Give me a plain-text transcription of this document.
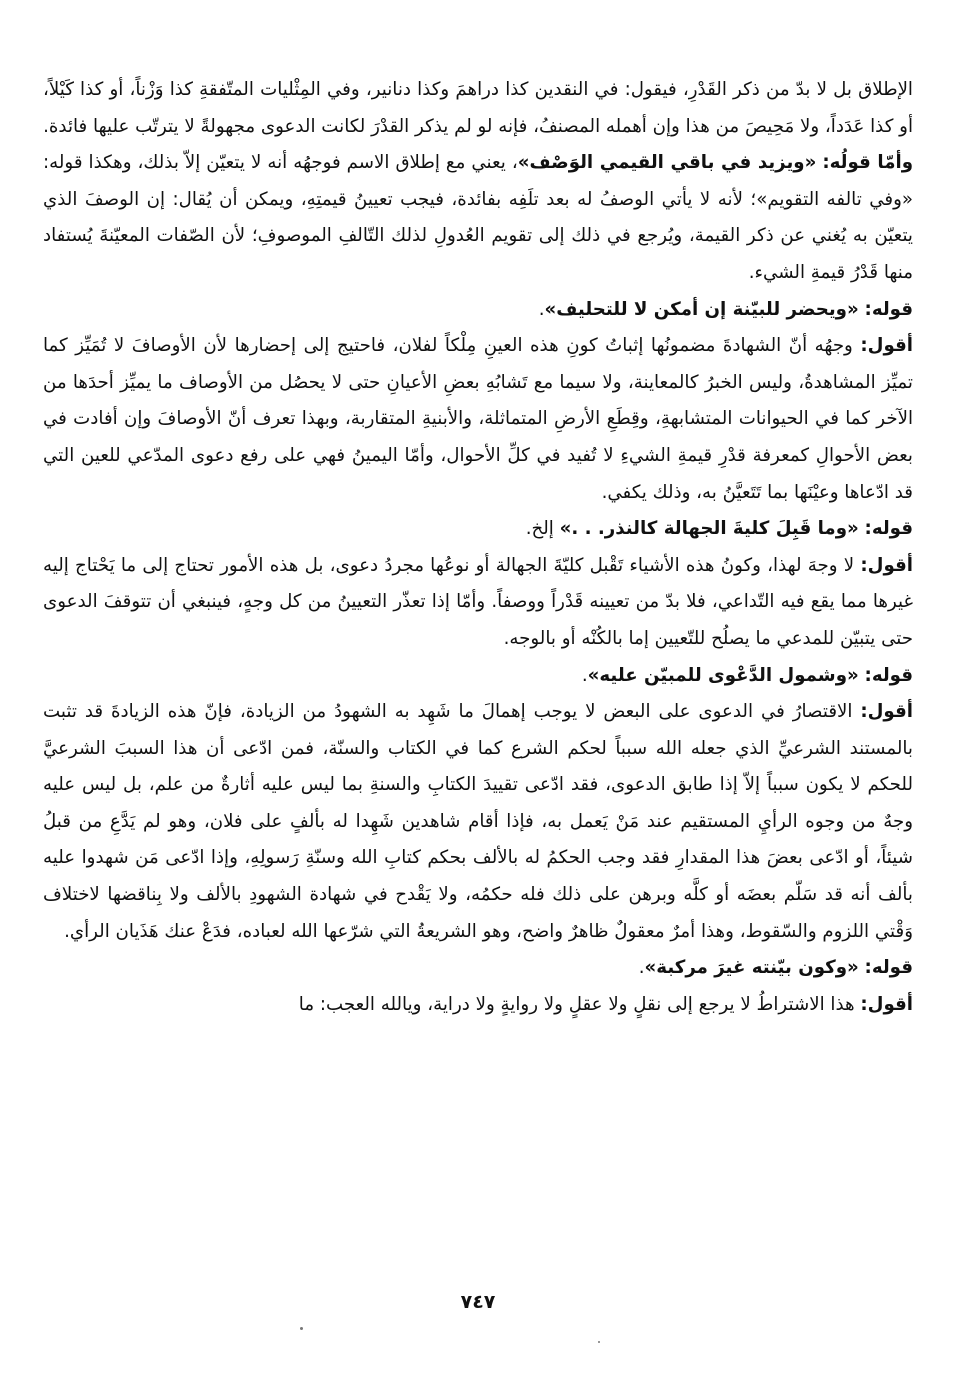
الإطلاق بل لا بدّ من ذكر القَدْرِ، فيقول: في النقدين كذا دراهمَ وكذا دنانير، وفي المِثْليات المتّفقةِ كذا وَزْناً، أو كذا كَيْلاً، أو كذا عَدَداً، ولا مَحِيصَ من هذا وإن أهمله المصنفُ، فإنه لو لم يذكر القدْرَ لكانت الدعوى مجهولةً لا يترتّب عليها فائدة.

وأمّا قولُه: «ويزيد في باقي القيمي الوَصْف»، يعني مع إطلاق الاسم فوجهُه أنه لا يتعيّن إلاّ بذلك، وهكذا قوله: «وفي تالفه التقويم»؛ لأنه لا يأتي الوصفُ له بعد تلَفِه بفائدة، فيجب تعيينُ قيمتِهِ، ويمكن أن يُقال: إن الوصفَ الذي يتعيّن به يُغني عن ذكر القيمة، ويُرجع في ذلك إلى تقويم العُدولِ لذلك التّالفِ الموصوفِ؛ لأن الصّفات المعيّنةَ يُستفاد منها قَدْرُ قيمةِ الشيء.

قوله: «ويحضر للبيّنة إن أمكن لا للتحليف».

أقول: وجهُه أنّ الشهادةَ مضمونُها إثباتُ كونِ هذه العينِ مِلْكاً لفلان، فاحتيج إلى إحضارها لأن الأوصافَ لا تُمَيِّز كما تميِّز المشاهدةُ، وليس الخبرُ كالمعاينة، ولا سيما مع تَشابُهِ بعضِ الأعيانِ حتى لا يحصُل من الأوصاف ما يميِّز أحدَها من الآخر كما في الحيوانات المتشابهةِ، وقِطَعِ الأرضِ المتماثلة، والأبنيةِ المتقاربة، وبهذا تعرف أنّ الأوصافَ وإن أفادت في بعض الأحوالِ كمعرفة قدْرِ قيمةِ الشيءِ لا تُفيد في كلِّ الأحوال، وأمّا اليمينُ فهي على رفع دعوى المدّعي للعين التي قد ادّعاها وعيْنَها بما تَتَعيَّنُ به، وذلك يكفي.

قوله: «وما قَبِلَ كليةَ الجهالة كالنذر. . .» إلخ.

أقول: لا وجهَ لهذا، وكونُ هذه الأشياء تَقْبل كليّةَ الجهالة أو نوعُها مجردُ دعوى، بل هذه الأمور تحتاج إلى ما يَحْتاج إليه غيرها مما يقع فيه التّداعي، فلا بدّ من تعيينه قَدْراً ووصفاً. وأمّا إذا تعذّر التعيينُ من كل وجهٍ، فينبغي أن تتوقفَ الدعوى حتى يتبيّن للمدعي ما يصلُح للتّعيين إما بالكُنْه أو بالوجه.

قوله: «وشمول الدَّعْوى للمبيّن عليه».

أقول: الاقتصارُ في الدعوى على البعض لا يوجب إهمالَ ما شَهِد به الشهودُ من الزيادة، فإنّ هذه الزيادةَ قد تثبت بالمستند الشرعيِّ الذي جعله الله سبباً لحكم الشرع كما في الكتاب والسنّة، فمن ادّعى أن هذا السببَ الشرعيَّ للحكم لا يكون سبباً إلاّ إذا طابق الدعوى، فقد ادّعى تقييدَ الكتابِ والسنةِ بما ليس عليه أثارةٌ من علم، بل ليس عليه وجهٌ من وجوه الرأيِ المستقيم عند مَنْ يَعمل به، فإذا أقام شاهدين شَهِدا له بألفٍ على فلان، وهو لم يَدَّعِ من قبلُ شيئاً، أو ادّعى بعضَ هذا المقدارِ فقد وجب الحكمُ له بالألف بحكم كتابِ الله وسنّةِ رَسولِهِ، وإذا ادّعى مَن شهدوا عليه بألف أنه قد سَلّم بعضَه أو كلَّه وبرهن على ذلك فله حكمُه، ولا يَقْدح في شهادة الشهودِ بالألف ولا بِناقضها لاختلاف وَقْتي اللزوم والسّقوط، وهذا أمرٌ معقولٌ ظاهرٌ واضح، وهو الشريعةُ التي شرّعها الله لعباده، فدَعْ عنك هَذَيان الرأي.

قوله: «وكون بيّنته غيرَ مركبة».

أقول: هذا الاشتراطُ لا يرجع إلى نقلٍ ولا عقلٍ ولا روايةٍ ولا دراية، ويالله العجب: ما

٧٤٧
